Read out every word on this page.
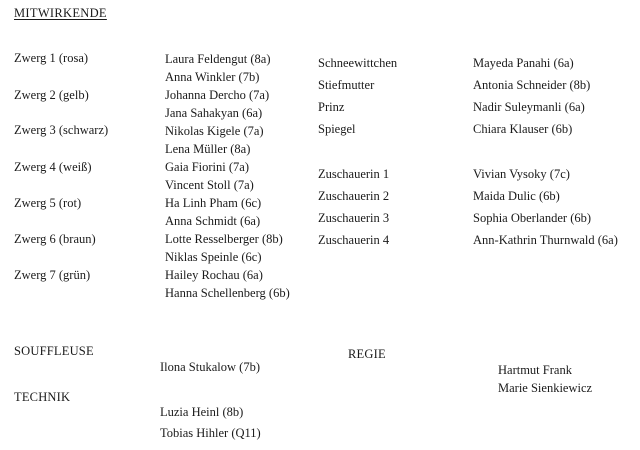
MITWIRKENDE
Zwerg 1 (rosa)
Zwerg 2 (gelb)
Zwerg 3 (schwarz)
Zwerg 4 (weiß)
Zwerg 5 (rot)
Zwerg 6 (braun)
Zwerg 7 (grün)
Laura Feldengut (8a)
Anna Winkler (7b)
Johanna Dercho (7a)
Jana Sahakyan (6a)
Nikolas Kigele (7a)
Lena Müller (8a)
Gaia Fiorini (7a)
Vincent Stoll (7a)
Ha Linh Pham (6c)
Anna Schmidt (6a)
Lotte Resselberger (8b)
Niklas Speinle (6c)
Hailey Rochau (6a)
Hanna Schellenberg (6b)
Schneewittchen
Stiefmutter
Prinz
Spiegel
Zuschauerin 1
Zuschauerin 2
Zuschauerin 3
Zuschauerin 4
Mayeda Panahi (6a)
Antonia Schneider (8b)
Nadir Suleymanli (6a)
Chiara Klauser (6b)
Vivian Vysoky (7c)
Maida Dulic (6b)
Sophia Oberlander (6b)
Ann-Kathrin Thurnwald (6a)
SOUFFLEUSE
Ilona Stukalow (7b)
TECHNIK
Luzia Heinl (8b)
Tobias Hihler (Q11)
REGIE
Hartmut Frank
Marie Sienkiewicz
